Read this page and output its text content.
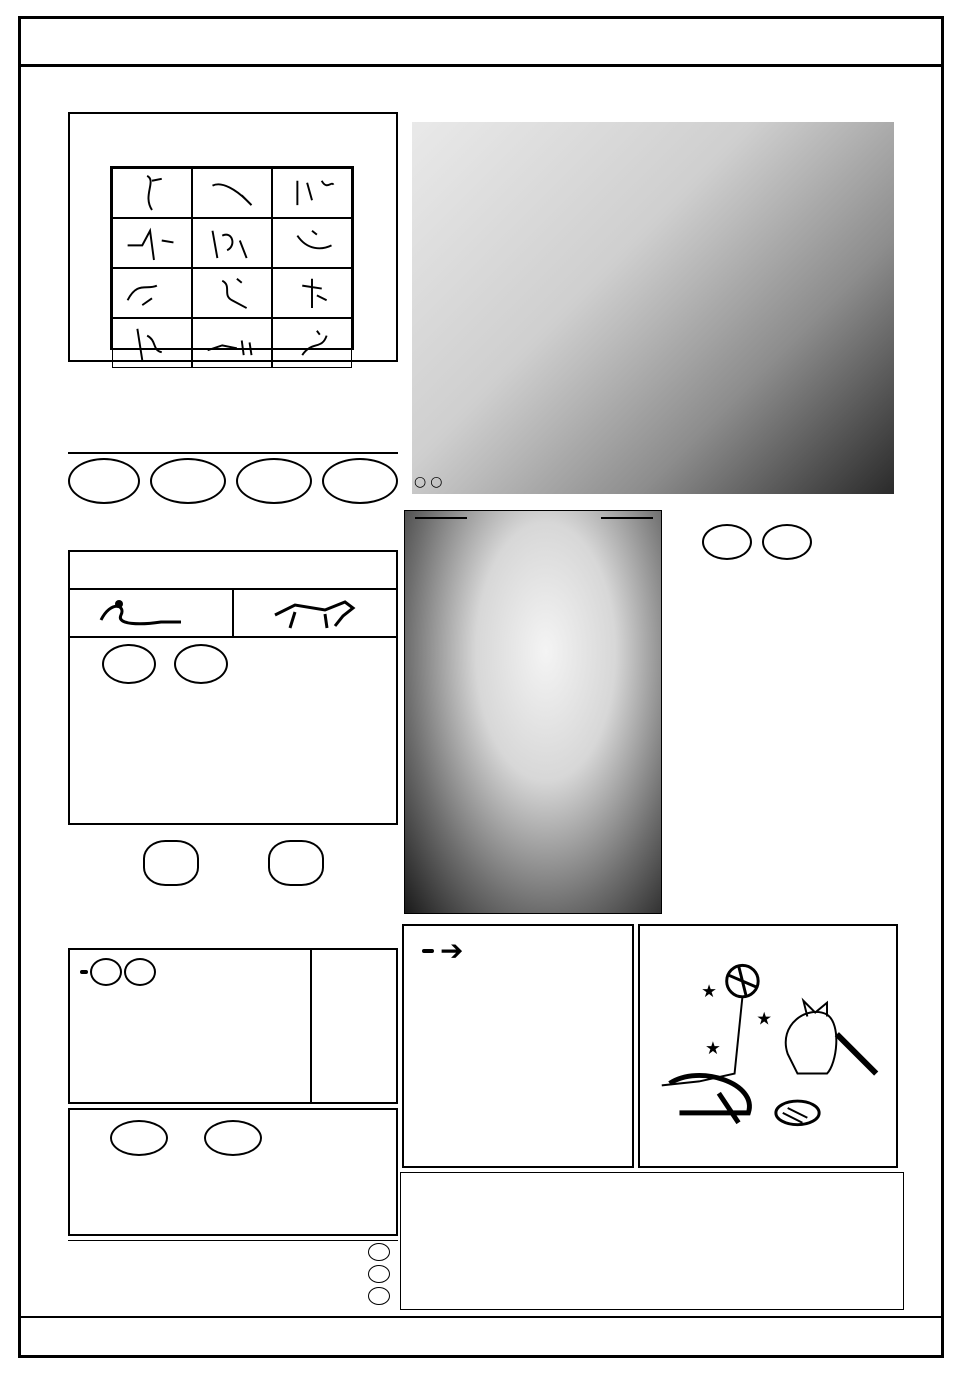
○○
➔
★
★
★
